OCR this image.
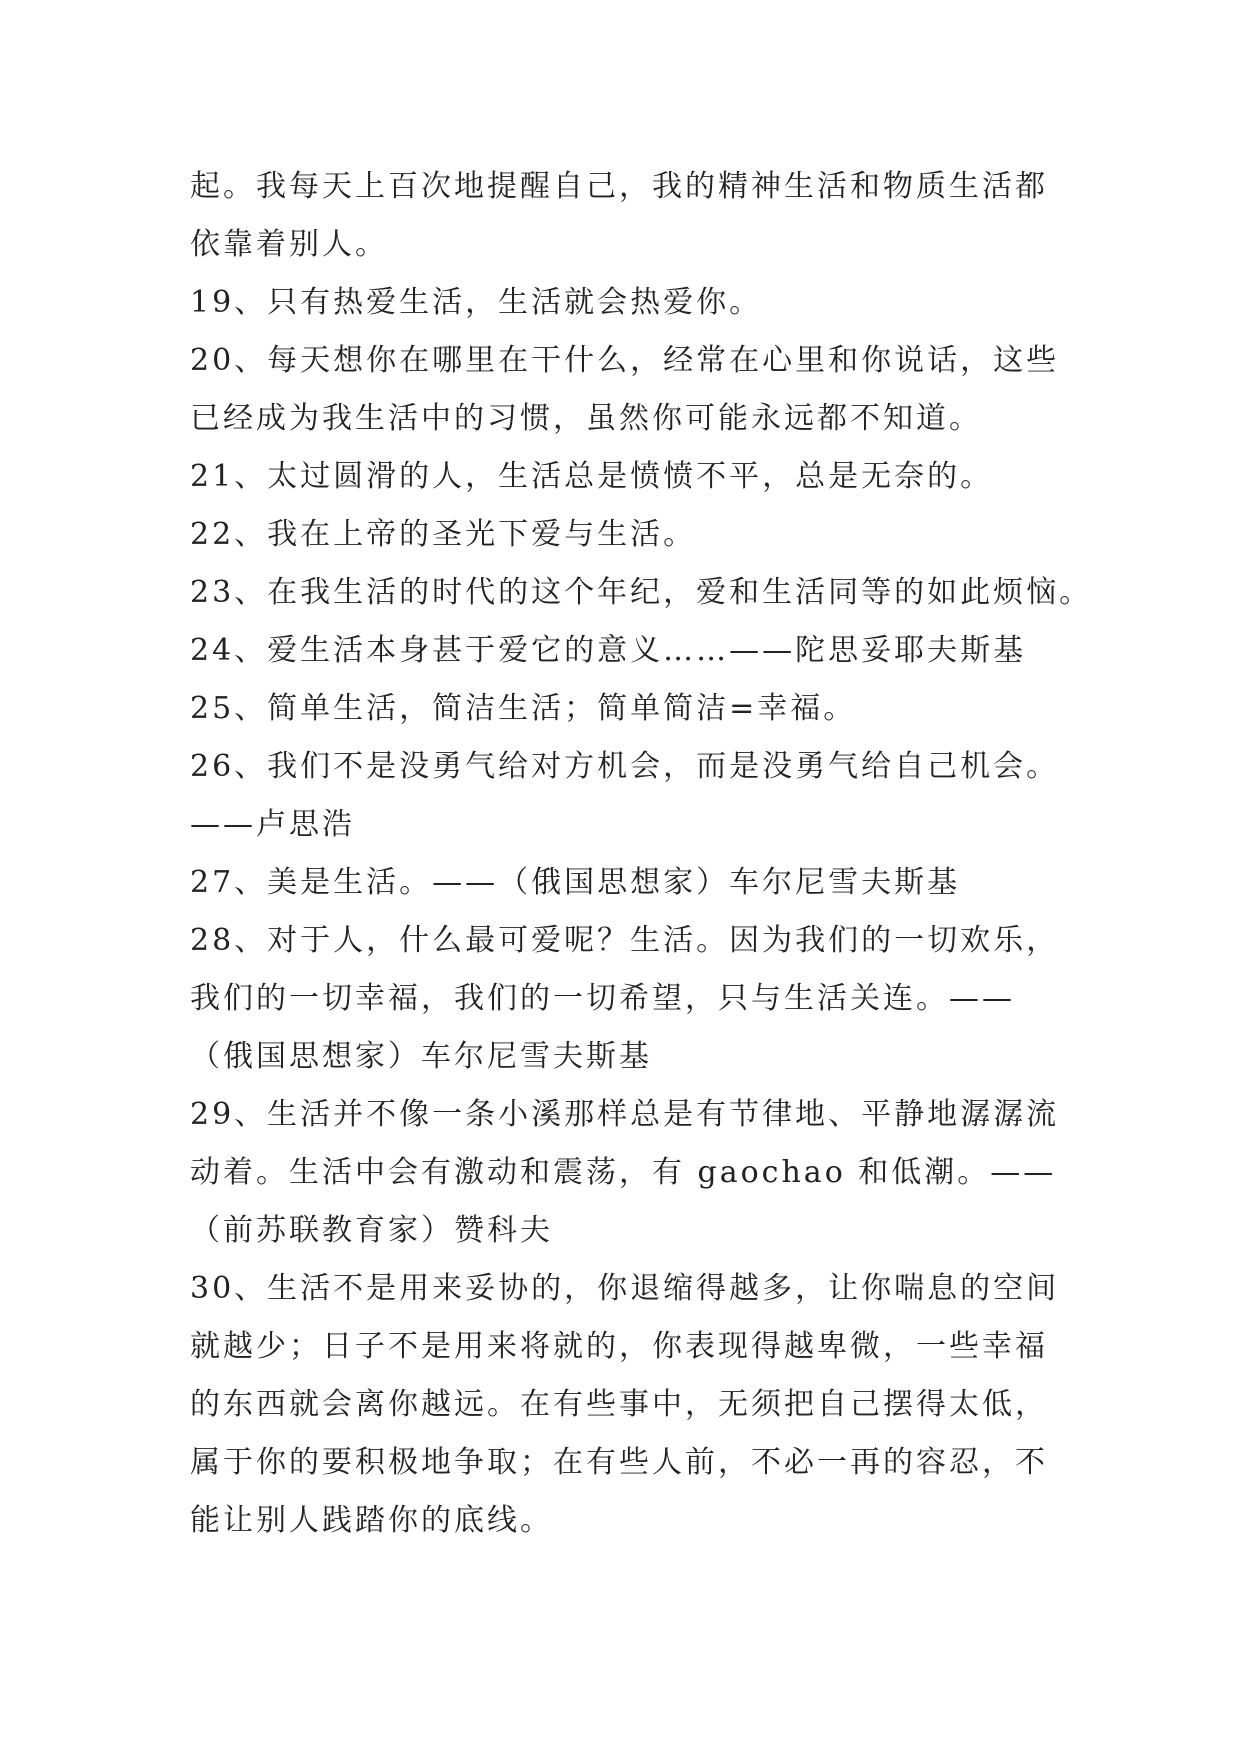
起。我每天上百次地提醒自己，我的精神生活和物质生活都
依靠着别人。
19、只有热爱生活，生活就会热爱你。
20、每天想你在哪里在干什么，经常在心里和你说话，这些
已经成为我生活中的习惯，虽然你可能永远都不知道。
21、太过圆滑的人，生活总是愤愤不平，总是无奈的。
22、我在上帝的圣光下爱与生活。
23、在我生活的时代的这个年纪，爱和生活同等的如此烦恼。
24、爱生活本身甚于爱它的意义……——陀思妥耶夫斯基
25、简单生活，简洁生活；简单简洁=幸福。
26、我们不是没勇气给对方机会，而是没勇气给自己机会。
——卢思浩
27、美是生活。——（俄国思想家）车尔尼雪夫斯基
28、对于人，什么最可爱呢？生活。因为我们的一切欢乐，
我们的一切幸福，我们的一切希望，只与生活关连。——
（俄国思想家）车尔尼雪夫斯基
29、生活并不像一条小溪那样总是有节律地、平静地潺潺流
动着。生活中会有激动和震荡，有 gaochao 和低潮。——
（前苏联教育家）赞科夫
30、生活不是用来妥协的，你退缩得越多，让你喘息的空间
就越少；日子不是用来将就的，你表现得越卑微，一些幸福
的东西就会离你越远。在有些事中，无须把自己摆得太低，
属于你的要积极地争取；在有些人前，不必一再的容忍，不
能让别人践踏你的底线。
